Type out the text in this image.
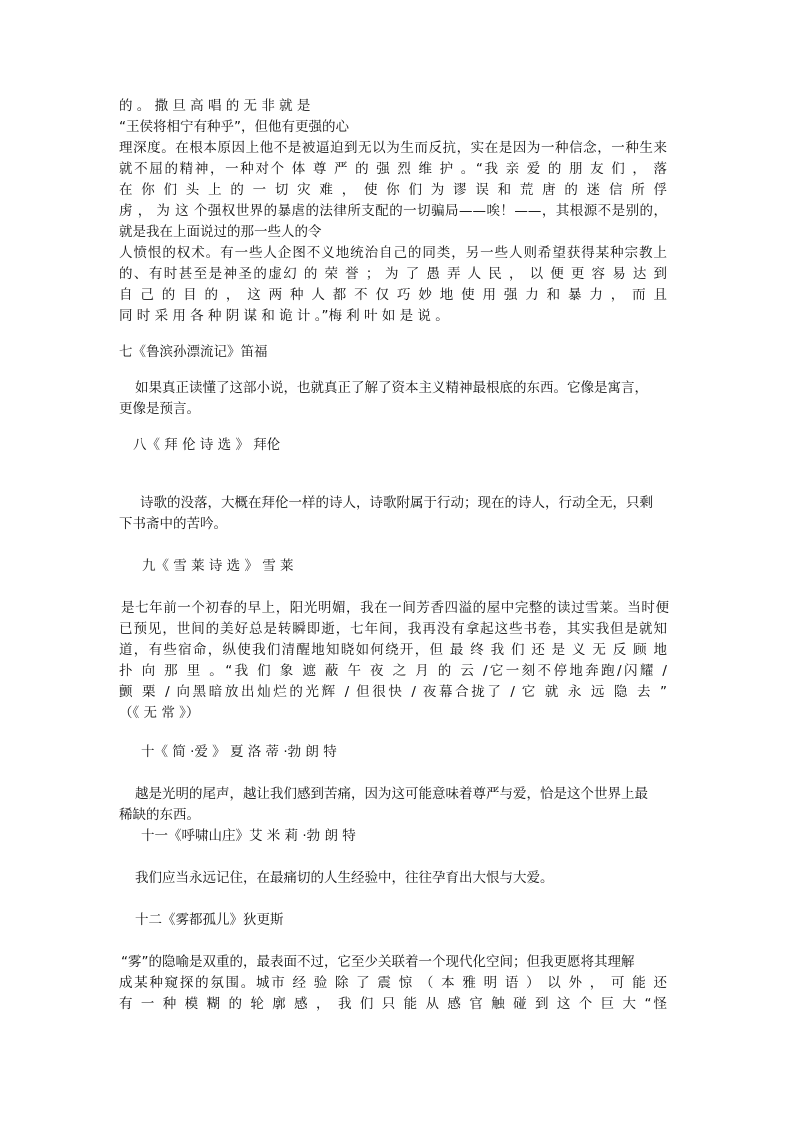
的 。 撒 旦 高 唱 的 无 非 就 是

“王侯将相宁有种乎”，但他有更强的心

理深度。在根本原因上他不是被逼迫到无以为生而反抗，实在是因为一种信念，一种生来

就不屈的精神，一种对个 体 尊 严 的 强 烈 维 护 。“我 亲 爱 的 朋 友 们 ， 落

在 你 们 头 上 的 一 切 灾 难 ， 使 你 们 为 谬 误 和 荒 唐 的 迷 信 所 俘

虏 ， 为 这 个强权世界的暴虐的法律所支配的一切骗局——唉！——，其根源不是别的，

就是我在上面说过的那一些人的令

人愤恨的权术。有一些人企图不义地统治自己的同类，另一些人则希望获得某种宗教上

的、有时甚至是神圣的虚幻 的 荣 誉 ； 为 了 愚 弄 人 民 ， 以 便 更 容 易 达 到

自 己 的 目 的 ， 这 两 种 人 都 不 仅 巧 妙 地 使 用 强 力 和 暴 力 ， 而 且

同 时 采 用 各 种 阴 谋 和 诡 计 。”梅 利 叶 如 是 说 。

七《鲁滨孙漂流记》笛福

如果真正读懂了这部小说，也就真正了解了资本主义精神最根底的东西。它像是寓言，

更像是预言。

八《 拜 伦 诗 选 》 拜伦

诗歌的没落，大概在拜伦一样的诗人，诗歌附属于行动；现在的诗人，行动全无，只剩

下书斋中的苦吟。

九《 雪 莱 诗 选 》 雪 莱

是七年前一个初春的早上，阳光明媚，我在一间芳香四溢的屋中完整的读过雪莱。当时便

已预见，世间的美好总是转瞬即逝，七年间，我再没有拿起这些书卷，其实我但是就知

道，有些宿命，纵使我们清醒地知晓如何绕开，但 最 终 我 们 还 是 义 无 反 顾 地

扑 向 那 里 。“我 们 象 遮 蔽 午 夜 之 月 的 云 /它一刻不停地奔跑/闪耀 /

颤 栗 / 向黑暗放出灿烂的光辉 / 但很快 / 夜幕合拢了 / 它 就 永 远 隐 去 ”

（《 无 常 》）

十《 简 ·爱 》 夏 洛 蒂 ·勃 朗 特

越是光明的尾声，越让我们感到苦痛，因为这可能意味着尊严与爱，恰是这个世界上最

稀缺的东西。

十一《呼啸山庄》艾 米 莉 ·勃 朗 特

我们应当永远记住，在最痛切的人生经验中，往往孕育出大恨与大爱。

十二《雾都孤儿》狄更斯

“雾”的隐喻是双重的，最表面不过，它至少关联着一个现代化空间；但我更愿将其理解

成某种窥探的氛围。城市 经 验 除 了 震 惊 （ 本 雅 明 语 ） 以 外 ， 可 能 还

有 一 种 模 糊 的 轮 廓 感 ， 我 们 只 能 从 感 官 触 碰 到 这 个 巨 大 “怪
